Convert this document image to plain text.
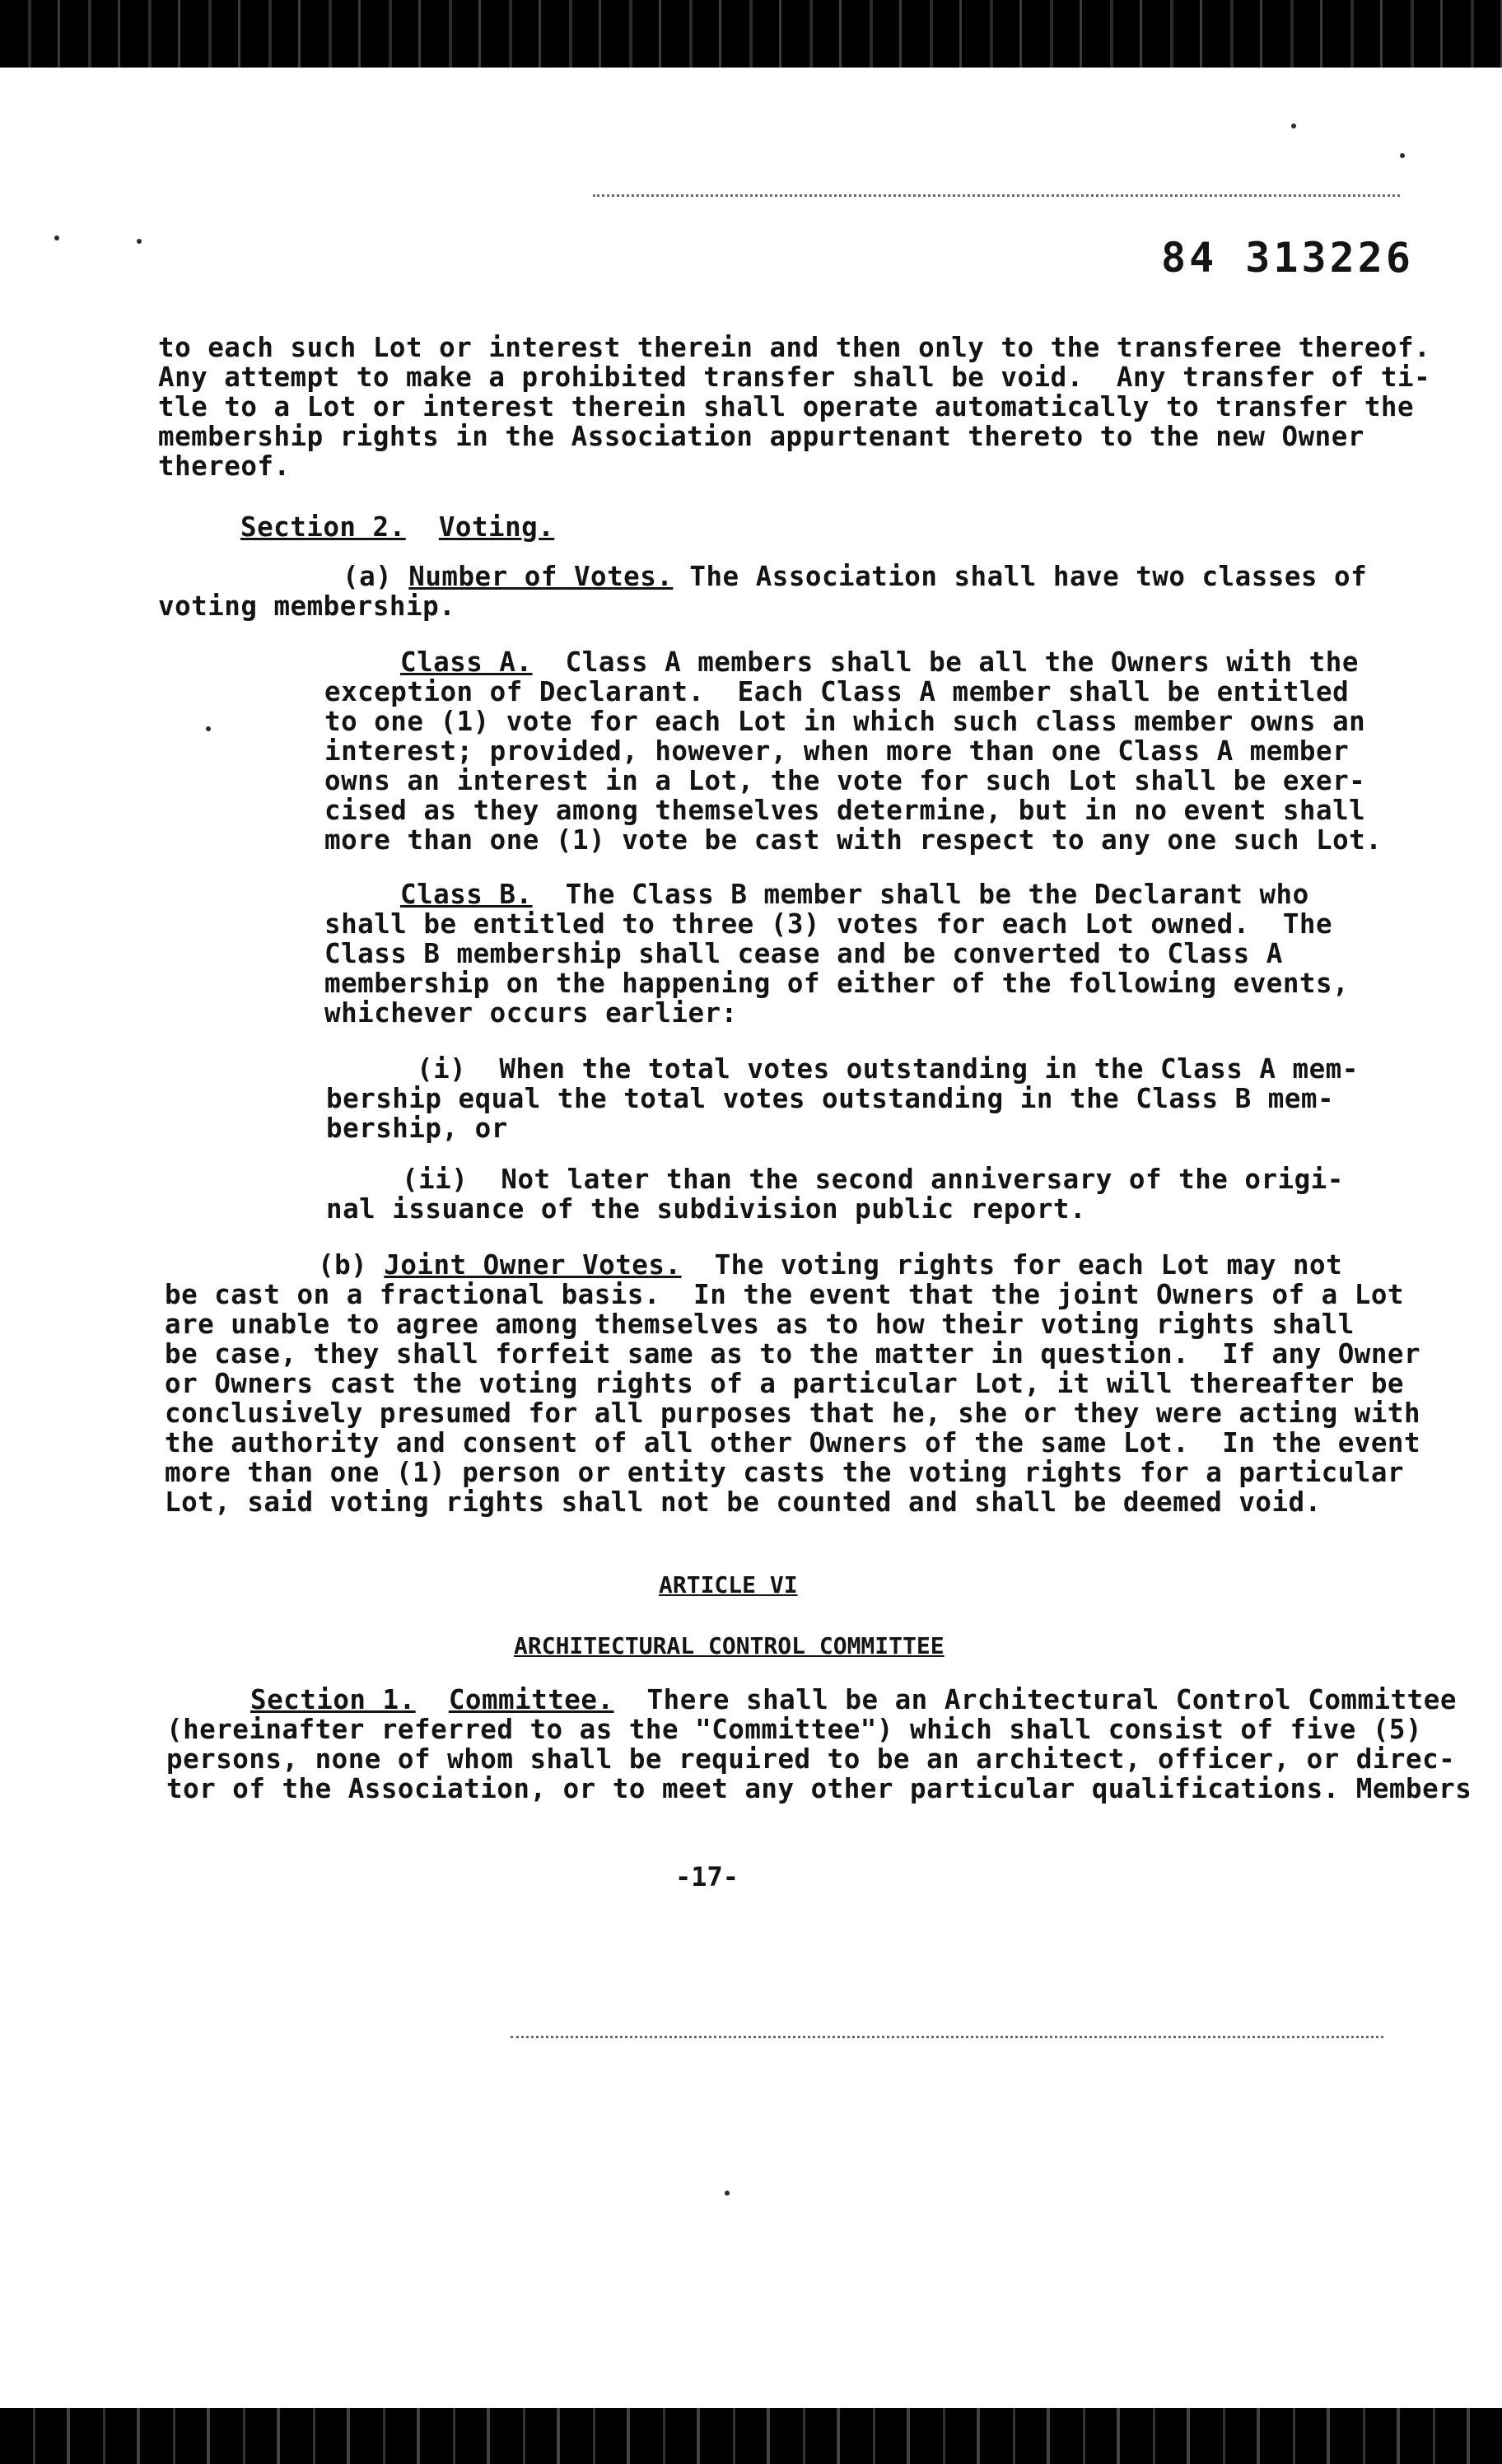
84 313226
to each such Lot or interest therein and then only to the transferee thereof.
Any attempt to make a prohibited transfer shall be void.  Any transfer of ti-
tle to a Lot or interest therein shall operate automatically to transfer the
membership rights in the Association appurtenant thereto to the new Owner
thereof.
Section 2. Voting.
(a) Number of Votes. The Association shall have two classes of
voting membership.
Class A.  Class A members shall be all the Owners with the
exception of Declarant.  Each Class A member shall be entitled
to one (1) vote for each Lot in which such class member owns an
interest; provided, however, when more than one Class A member
owns an interest in a Lot, the vote for such Lot shall be exer-
cised as they among themselves determine, but in no event shall
more than one (1) vote be cast with respect to any one such Lot.
Class B.  The Class B member shall be the Declarant who
shall be entitled to three (3) votes for each Lot owned.  The
Class B membership shall cease and be converted to Class A
membership on the happening of either of the following events,
whichever occurs earlier:
(i)  When the total votes outstanding in the Class A mem-
bership equal the total votes outstanding in the Class B mem-
bership, or
(ii)  Not later than the second anniversary of the origi-
nal issuance of the subdivision public report.
(b) Joint Owner Votes.  The voting rights for each Lot may not
be cast on a fractional basis.  In the event that the joint Owners of a Lot
are unable to agree among themselves as to how their voting rights shall
be case, they shall forfeit same as to the matter in question.  If any Owner
or Owners cast the voting rights of a particular Lot, it will thereafter be
conclusively presumed for all purposes that he, she or they were acting with
the authority and consent of all other Owners of the same Lot.  In the event
more than one (1) person or entity casts the voting rights for a particular
Lot, said voting rights shall not be counted and shall be deemed void.
ARTICLE VI
ARCHITECTURAL CONTROL COMMITTEE
Section 1. Committee.  There shall be an Architectural Control Committee
(hereinafter referred to as the "Committee") which shall consist of five (5)
persons, none of whom shall be required to be an architect, officer, or direc-
tor of the Association, or to meet any other particular qualifications. Members
-17-
